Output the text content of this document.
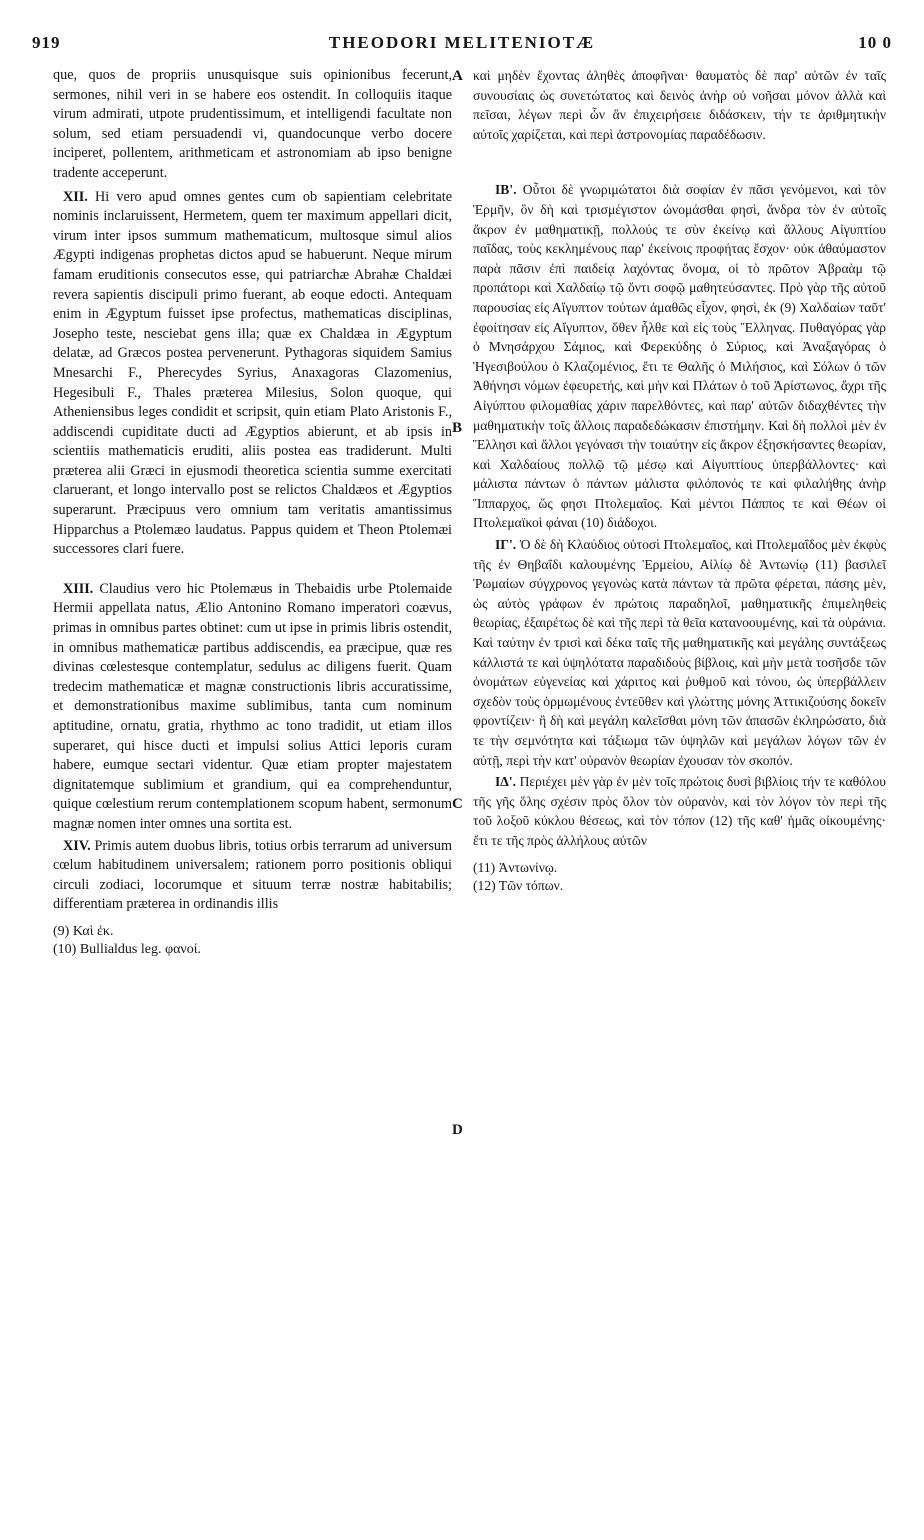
919	THEODORI MELITENIOTÆ	10 0
A
B
C
D

que, quos de propriis unusquisque suis opinionibus fecerunt, sermones, nihil veri in se habere eos ostendit. In colloquiis itaque virum admirati, utpote prudentissimum, et intelligendi facultate non solum, sed etiam persuadendi vi, quandocunque verbo docere inciperet, pollentem, arithmeticam et astronomiam ab ipso benigne tradente acceperunt.

XII. Hi vero apud omnes gentes cum ob sapientiam celebritate nominis inclaruissent, Hermetem, quem ter maximum appellari dicit, virum inter ipsos summum mathematicum, multosque simul alios Ægypti indigenas prophetas dictos apud se habuerunt. Neque mirum famam eruditionis consecutos esse, qui patriarchæ Abrahæ Chaldæi revera sapientis discipuli primo fuerant, ab eoque edocti. Antequam enim in Ægyptum fuisset ipse profectus, mathematicas disciplinas, Josepho teste, nesciebat gens illa; quæ ex Chaldæa in Ægyptum delatæ, ad Græcos postea pervenerunt. Pythagoras siquidem Samius Mnesarchi F., Pherecydes Syrius, Anaxagoras Clazomenius, Hegesibuli F., Thales præterea Milesius, Solon quoque, qui Atheniensibus leges condidit et scripsit, quin etiam Plato Aristonis F., addiscendi cupiditate ducti ad Ægyptios abierunt, et ab ipsis in scientiis mathematicis eruditi, aliis postea eas tradiderunt. Multi præterea alii Græci in ejusmodi theoretica scientia summe exercitati claruerant, et longo intervallo post se relictos Chaldæos et Ægyptios superarunt. Præcipuus vero omnium tam veritatis amantissimus Hipparchus a Ptolemæo laudatus. Pappus quidem et Theon Ptolemæi successores clari fuere.

XIII. Claudius vero hic Ptolemæus in Thebaidis urbe Ptolemaide Hermii appellata natus, Ælio Antonino Romano imperatori coævus, primas in omnibus partes obtinet: cum ut ipse in primis libris ostendit, in omnibus mathematicæ partibus addiscendis, ea præcipue, quæ res divinas cœlestesque contemplatur, sedulus ac diligens fuerit. Quam tredecim mathematicæ et magnæ constructionis libris accuratissime, et demonstrationibus maxime sublimibus, tanta cum nominum aptitudine, ornatu, gratia, rhythmo ac tono tradidit, ut etiam illos superaret, qui hisce ducti et impulsi solius Attici leporis curam habere, eumque sectari videntur. Quæ etiam propter majestatem dignitatemque sublimium et grandium, qui ea comprehenduntur, quique cœlestium rerum contemplationem scopum habent, sermonum magnæ nomen inter omnes una sortita est.

XIV. Primis autem duobus libris, totius orbis terrarum ad universum cœlum habitudinem universalem; rationem porro positionis obliqui circuli zodiaci, locorumque et situum terræ nostræ habitabilis; differentiam præterea in ordinandis illis

(9) Καὶ ἐκ.

(10) Bullialdus leg. φανοί.

καὶ μηδὲν ἔχοντας ἀληθὲς ἀποφῆναι· θαυματὸς δὲ παρ' αὐτῶν ἐν ταῖς συνουσίαις ὡς συνετώτατος καὶ δεινὸς ἀνὴρ οὐ νοῆσαι μόνον ἀλλὰ καὶ πεῖσαι, λέγων περὶ ὧν ἂν ἐπιχειρήσειε διδάσκειν, τήν τε ἀριθμητικὴν αὐτοῖς χαρίζεται, καὶ περὶ ἀστρονομίας παραδέδωσιν.

ΙΒ'. Οὗτοι δὲ γνωριμώτατοι διὰ σοφίαν ἐν πᾶσι γενόμενοι, καὶ τὸν Ἑρμῆν, ὃν δὴ καὶ τρισμέγιστον ὠνομάσθαι φησὶ, ἄνδρα τὸν ἐν αὐτοῖς ἄκρον ἐν μαθηματικῇ, πολλούς τε σὺν ἐκείνῳ καὶ ἄλλους Αἰγυπτίου παῖδας, τοὺς κεκλημένους παρ' ἐκείνοις προφήτας ἔσχον· οὐκ ἀθαύμαστον παρὰ πᾶσιν ἐπὶ παιδείᾳ λαχόντας ὄνομα, οἱ τὸ πρῶτον Ἀβραὰμ τῷ προπάτορι καὶ Χαλδαίῳ τῷ ὄντι σοφῷ μαθητεύσαντες. Πρὸ γὰρ τῆς αὐτοῦ παρουσίας εἰς Αἴγυπτον τούτων ἀμαθῶς εἶχον, φησὶ, ἐκ (9) Χαλδαίων ταῦτ' ἐφοίτησαν εἰς Αἴγυπτον, ὅθεν ἦλθε καὶ εἰς τοὺς Ἕλληνας. Πυθαγόρας γὰρ ὁ Μνησάρχου Σάμιος, καὶ Φερεκύδης ὁ Σύριος, καὶ Ἀναξαγόρας ὁ Ἡγεσιβούλου ὁ Κλαζομένιος, ἔτι τε Θαλῆς ὁ Μιλήσιος, καὶ Σόλων ὁ τῶν Ἀθήνησι νόμων ἐφευρετής, καὶ μὴν καὶ Πλάτων ὁ τοῦ Ἀρίστωνος, ἄχρι τῆς Αἰγύπτου φιλομαθίας χάριν παρελθόντες, καὶ παρ' αὐτῶν διδαχθέντες τὴν μαθηματικὴν τοῖς ἄλλοις παραδεδώκασιν ἐπιστήμην. Καὶ δὴ πολλοὶ μὲν ἐν Ἕλλησι καὶ ἄλλοι γεγόνασι τὴν τοιαύτην εἰς ἄκρον ἐξησκήσαντες θεωρίαν, καὶ Χαλδαίους πολλῷ τῷ μέσῳ καὶ Αἰγυπτίους ὑπερβάλλοντες· καὶ μάλιστα πάντων ὁ πάντων μάλιστα φιλόπονός τε καὶ φιλαλήθης ἀνὴρ Ἵππαρχος, ὥς φησι Πτολεμαῖος. Καὶ μέντοι Πάππος τε καὶ Θέων οἱ Πτολεμαϊκοὶ φάναι (10) διάδοχοι.

ΙΓ'. Ὁ δὲ δὴ Κλαύδιος οὑτοσὶ Πτολεμαῖος, καὶ Πτολεμαΐδος μὲν ἐκφὺς τῆς ἐν Θηβαΐδι καλουμένης Ἑρμείου, Αἰλίῳ δὲ Ἀντωνίῳ (11) βασιλεῖ Ῥωμαίων σύγχρονος γεγονὼς κατὰ πάντων τὰ πρῶτα φέρεται, πάσης μὲν, ὡς αὐτὸς γράφων ἐν πρώτοις παραδηλοῖ, μαθηματικῆς ἐπιμεληθεὶς θεωρίας, ἐξαιρέτως δὲ καὶ τῆς περὶ τὰ θεῖα κατανοουμένης, καὶ τὰ οὐράνια. Καὶ ταύτην ἐν τρισὶ καὶ δέκα ταῖς τῆς μαθηματικῆς καὶ μεγάλης συντάξεως κάλλιστά τε καὶ ὑψηλότατα παραδιδοὺς βίβλοις, καὶ μὴν μετὰ τοσῆσδε τῶν ὀνομάτων εὐγενείας καὶ χάριτος καὶ ῥυθμοῦ καὶ τόνου, ὡς ὑπερβάλλειν σχεδὸν τοὺς ὁρμωμένους ἐντεῦθεν καὶ γλώττης μόνης Ἀττικιζούσης δοκεῖν φροντίζειν· ἣ δὴ καὶ μεγάλη καλεῖσθαι μόνη τῶν ἁπασῶν ἐκληρώσατο, διὰ τε τὴν σεμνότητα καὶ τάξιωμα τῶν ὑψηλῶν καὶ μεγάλων λόγων τῶν ἐν αὐτῇ, περὶ τὴν κατ' οὐρανὸν θεωρίαν ἐχουσαν τὸν σκοπόν.

ΙΔ'. Περιέχει μὲν γὰρ ἐν μὲν τοῖς πρώτοις δυσὶ βιβλίοις τήν τε καθόλου τῆς γῆς ὅλης σχέσιν πρὸς ὅλον τὸν οὐρανὸν, καὶ τὸν λόγον τὸν περὶ τῆς τοῦ λοξοῦ κύκλου θέσεως, καὶ τὸν τόπον (12) τῆς καθ' ἡμᾶς οἰκουμένης· ἔτι τε τῆς πρὸς ἀλλήλους αὐτῶν

(11) Ἀντωνίνῳ.

(12) Τῶν τόπων.
